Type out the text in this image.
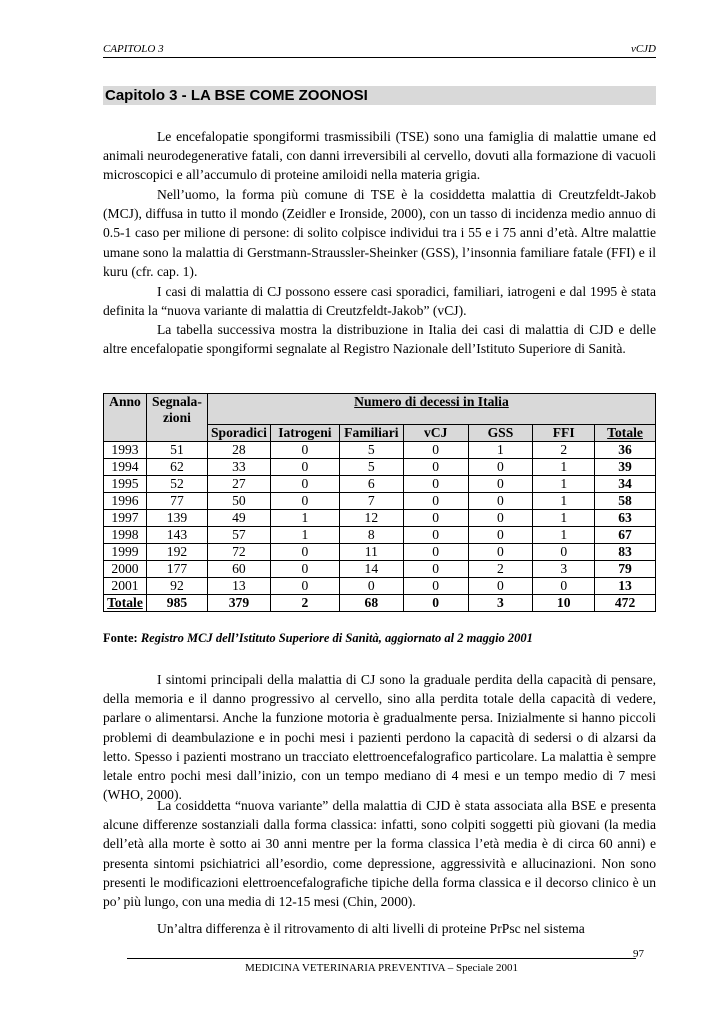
CAPITOLO 3	vCJD
Capitolo 3 - LA BSE COME ZOONOSI

Le encefalopatie spongiformi trasmissibili (TSE) sono una famiglia di malattie umane ed animali neurodegenerative fatali, con danni irreversibili al cervello, dovuti alla formazione di vacuoli microscopici e all’accumulo di proteine amiloidi nella materia grigia.

Nell’uomo, la forma più comune di TSE è la cosiddetta malattia di Creutzfeldt-Jakob (MCJ), diffusa in tutto il mondo (Zeidler e Ironside, 2000), con un tasso di incidenza medio annuo di 0.5-1 caso per milione di persone: di solito colpisce individui tra i 55 e i 75 anni d’età. Altre malattie umane sono la malattia di Gerstmann-Straussler-Sheinker (GSS), l’insonnia familiare fatale (FFI) e il kuru (cfr. cap. 1).

I casi di malattia di CJ possono essere casi sporadici, familiari, iatrogeni e dal 1995 è stata definita la “nuova variante di malattia di Creutzfeldt-Jakob” (vCJ).

La tabella successiva mostra la distribuzione in Italia dei casi di malattia di CJD e delle altre encefalopatie spongiformi segnalate al Registro Nazionale dell’Istituto Superiore di Sanità.

Anno	Segnala-zioni	Numero di decessi in Italia						
		Sporadici	Iatrogeni	Familiari	vCJ	GSS	FFI	Totale
1993	51	28	0	5	0	1	2	36
1994	62	33	0	5	0	0	1	39
1995	52	27	0	6	0	0	1	34
1996	77	50	0	7	0	0	1	58
1997	139	49	1	12	0	0	1	63
1998	143	57	1	8	0	0	1	67
1999	192	72	0	11	0	0	0	83
2000	177	60	0	14	0	2	3	79
2001	92	13	0	0	0	0	0	13
Totale	985	379	2	68	0	3	10	472
Fonte: Registro MCJ dell’Istituto Superiore di Sanità, aggiornato al 2 maggio 2001

I sintomi principali della malattia di CJ sono la graduale perdita della capacità di pensare, della memoria e il danno progressivo al cervello, sino alla perdita totale della capacità di vedere, parlare o alimentarsi. Anche la funzione motoria è gradualmente persa. Inizialmente si hanno piccoli problemi di deambulazione e in pochi mesi i pazienti perdono la capacità di sedersi o di alzarsi da letto. Spesso i pazienti mostrano un tracciato elettroencefalografico particolare. La malattia è sempre letale entro pochi mesi dall’inizio, con un tempo mediano di 4 mesi e un tempo medio di 7 mesi (WHO, 2000).

La cosiddetta “nuova variante” della malattia di CJD è stata associata alla BSE e presenta alcune differenze sostanziali dalla forma classica: infatti, sono colpiti soggetti più giovani (la media dell’età alla morte è sotto ai 30 anni mentre per la forma classica l’età media è di circa 60 anni) e presenta sintomi psichiatrici all’esordio, come depressione, aggressività e allucinazioni. Non sono presenti le modificazioni elettroencefalografiche tipiche della forma classica e il decorso clinico è un po’ più lungo, con una media di 12-15 mesi (Chin, 2000).

Un’altra differenza è il ritrovamento di alti livelli di proteine PrPsc nel sistema

97
MEDICINA VETERINARIA PREVENTIVA – Speciale 2001
